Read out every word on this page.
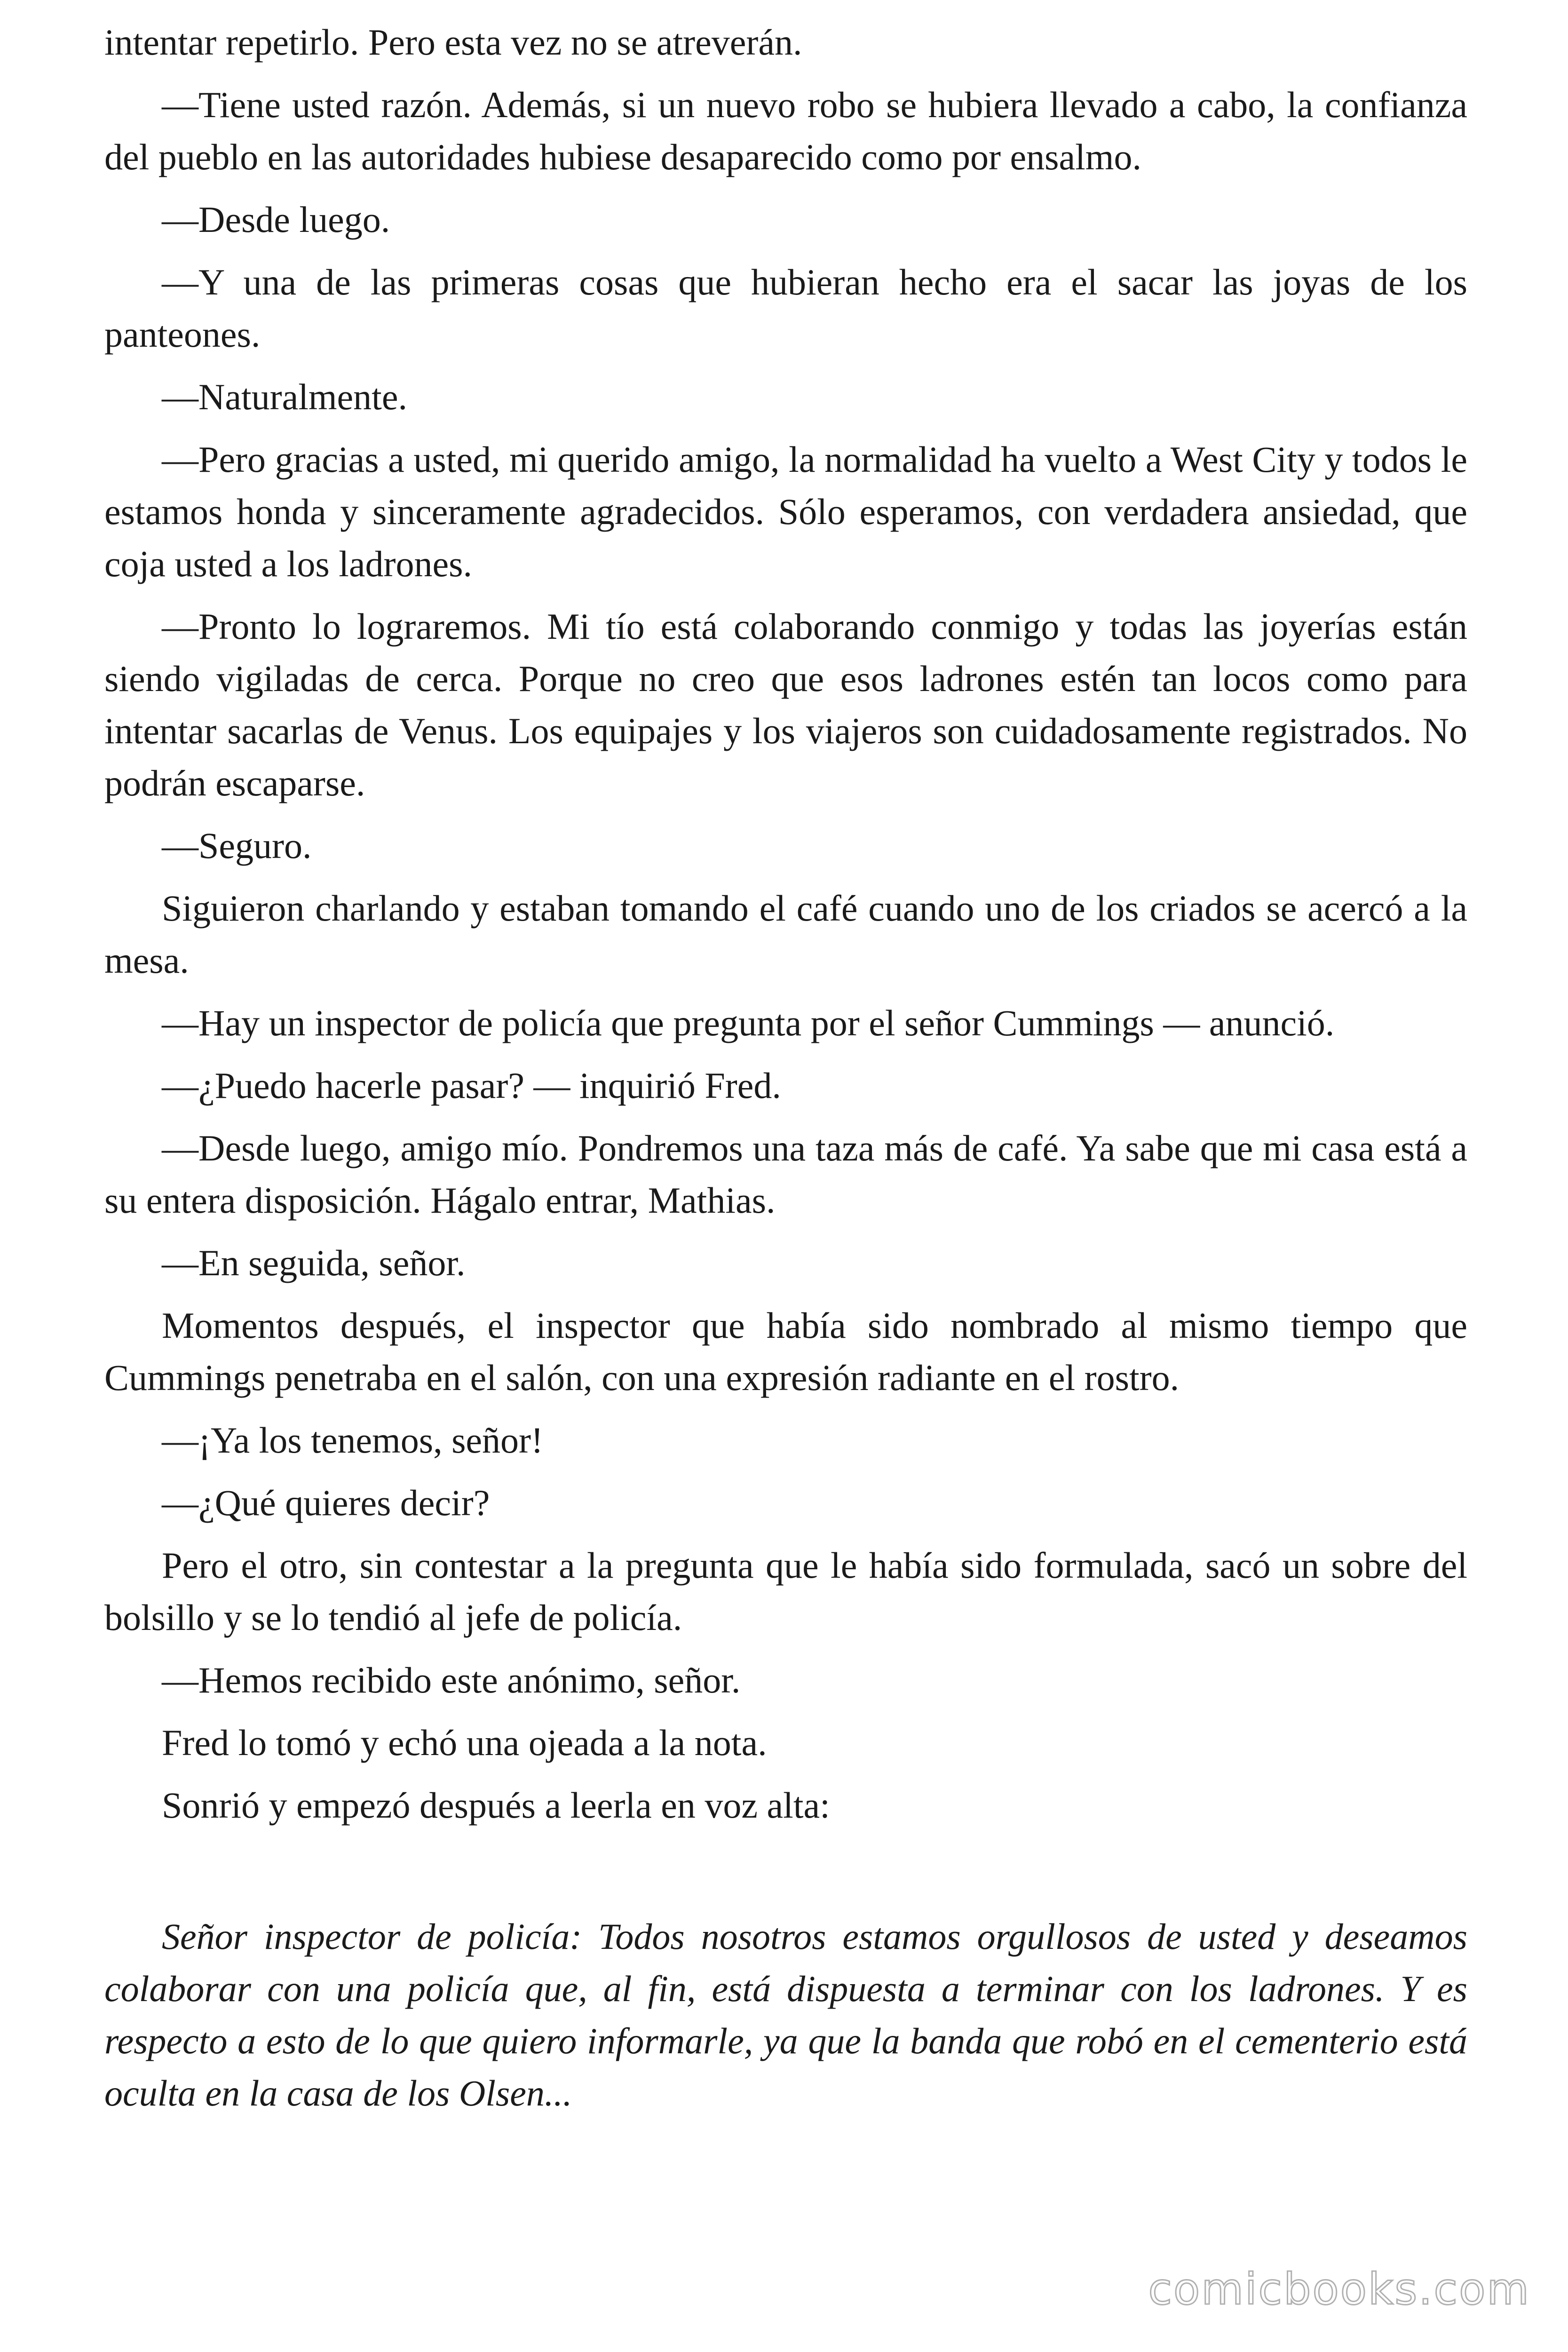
intentar repetirlo. Pero esta vez no se atreverán.

—Tiene usted razón. Además, si un nuevo robo se hubiera llevado a cabo, la confianza del pueblo en las autoridades hubiese desaparecido como por ensalmo.

—Desde luego.

—Y una de las primeras cosas que hubieran hecho era el sacar las joyas de los panteones.

—Naturalmente.

—Pero gracias a usted, mi querido amigo, la normalidad ha vuelto a West City y todos le estamos honda y sinceramente agradecidos. Sólo esperamos, con verdadera ansiedad, que coja usted a los ladrones.

—Pronto lo lograremos. Mi tío está colaborando conmigo y todas las joyerías están siendo vigiladas de cerca. Porque no creo que esos ladrones estén tan locos como para intentar sacarlas de Venus. Los equipajes y los viajeros son cuidadosamente registrados. No podrán escaparse.

—Seguro.

Siguieron charlando y estaban tomando el café cuando uno de los criados se acercó a la mesa.

—Hay un inspector de policía que pregunta por el señor Cummings — anunció.

—¿Puedo hacerle pasar? — inquirió Fred.

—Desde luego, amigo mío. Pondremos una taza más de café. Ya sabe que mi casa está a su entera disposición. Hágalo entrar, Mathias.

—En seguida, señor.

Momentos después, el inspector que había sido nombrado al mismo tiempo que Cummings penetraba en el salón, con una expresión radiante en el rostro.

—¡Ya los tenemos, señor!

—¿Qué quieres decir?

Pero el otro, sin contestar a la pregunta que le había sido formulada, sacó un sobre del bolsillo y se lo tendió al jefe de policía.

—Hemos recibido este anónimo, señor.

Fred lo tomó y echó una ojeada a la nota.

Sonrió y empezó después a leerla en voz alta:

Señor inspector de policía: Todos nosotros estamos orgullosos de usted y deseamos colaborar con una policía que, al fin, está dispuesta a terminar con los ladrones. Y es respecto a esto de lo que quiero informarle, ya que la banda que robó en el cementerio está oculta en la casa de los Olsen...

comicbooks.com
